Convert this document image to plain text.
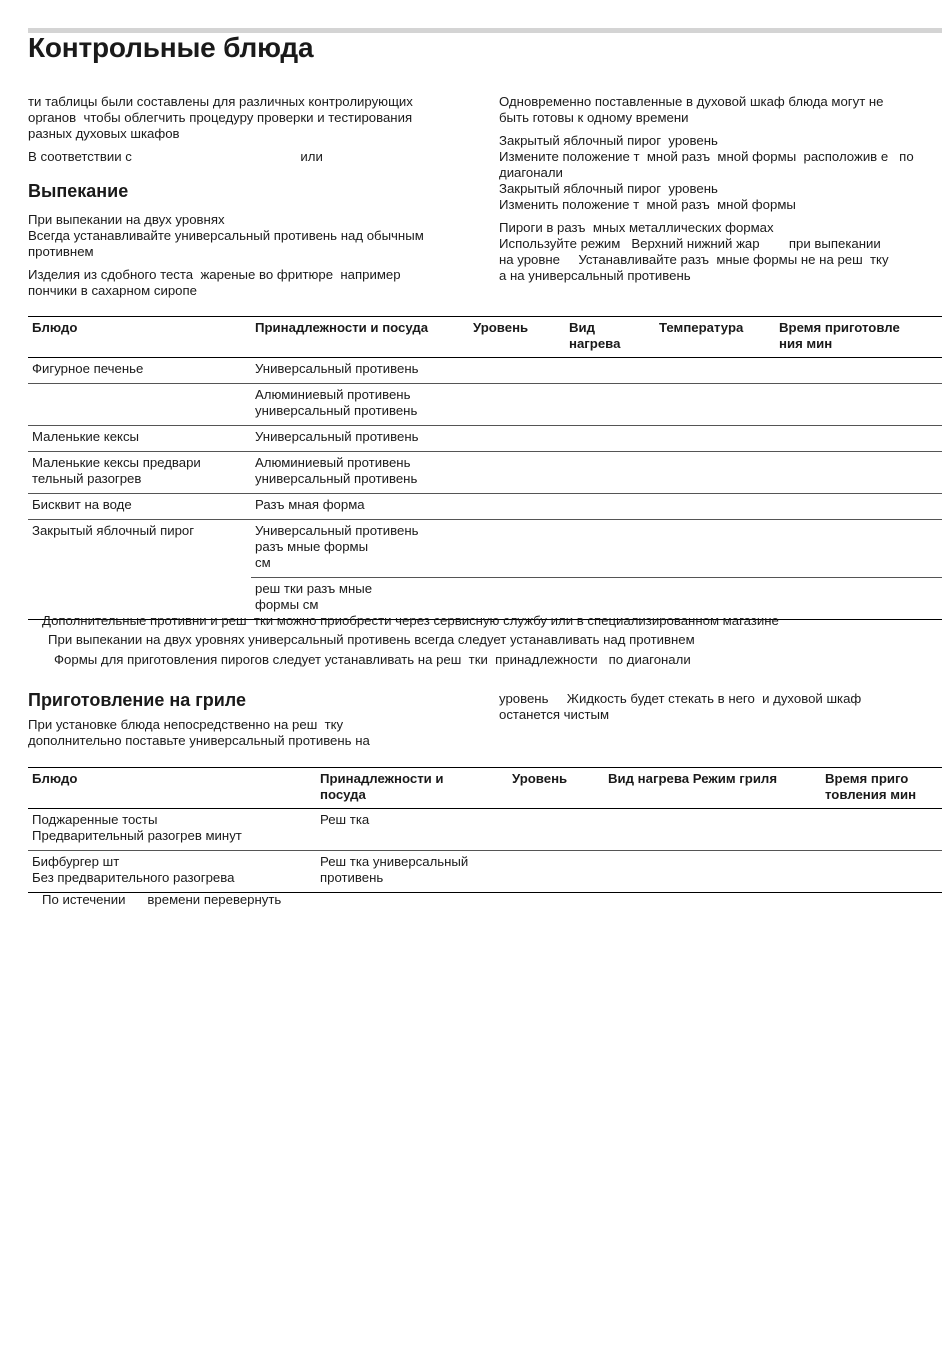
Контрольные блюда
ти таблицы были составлены для различных контролирующих
органов  чтобы облегчить процедуру проверки и тестирования
разных духовых шкафов
В соответствии с                                              или
Выпекание
При выпекании на двух уровнях
Всегда устанавливайте универсальный противень над обычным
противнем
Изделия из сдобного теста  жареные во фритюре  например
пончики в сахарном сиропе
Одновременно поставленные в духовой шкаф блюда могут не
быть готовы к одному времени
Закрытый яблочный пирог  уровень
Измените положение т  мной разъ  мной формы  расположив е   по
диагонали
Закрытый яблочный пирог  уровень
Изменить положение т  мной разъ  мной формы
Пироги в разъ  мных металлических формах
Используйте режим   Верхний нижний жар        при выпекании
на уровне     Устанавливайте разъ  мные формы не на реш  тку
а на универсальный противень
Блюдо	Принадлежности и посуда	Уровень	Вид
нагрева	Температура	Время приготовле
ния мин
Фигурное печенье	Универсальный противень				
	Алюминиевый противень
универсальный противень				
Маленькие кексы	Универсальный противень				
Маленькие кексы предвари
тельный разогрев	Алюминиевый противень
универсальный противень				
Бисквит на воде	Разъ мная форма				
Закрытый яблочный пирог	Универсальный противень
разъ мные формы
см				
	реш тки разъ мные
формы см				
Дополнительные противни и реш  тки можно приобрести через сервисную службу или в специализированном магазине
При выпекании на двух уровнях универсальный противень всегда следует устанавливать над противнем
Формы для приготовления пирогов следует устанавливать на реш  тки  принадлежности   по диагонали
Приготовление на гриле
При установке блюда непосредственно на реш  тку
дополнительно поставьте универсальный противень на
уровень     Жидкость будет стекать в него  и духовой шкаф
останется чистым
Блюдо	Принадлежности и
посуда	Уровень	Вид нагрева Режим гриля	Время приго
товления мин
Поджаренные тосты
Предварительный разогрев минут	Реш тка			
Бифбургер шт
Без предварительного разогрева	Реш тка универсальный
противень			
По истечении      времени перевернуть
